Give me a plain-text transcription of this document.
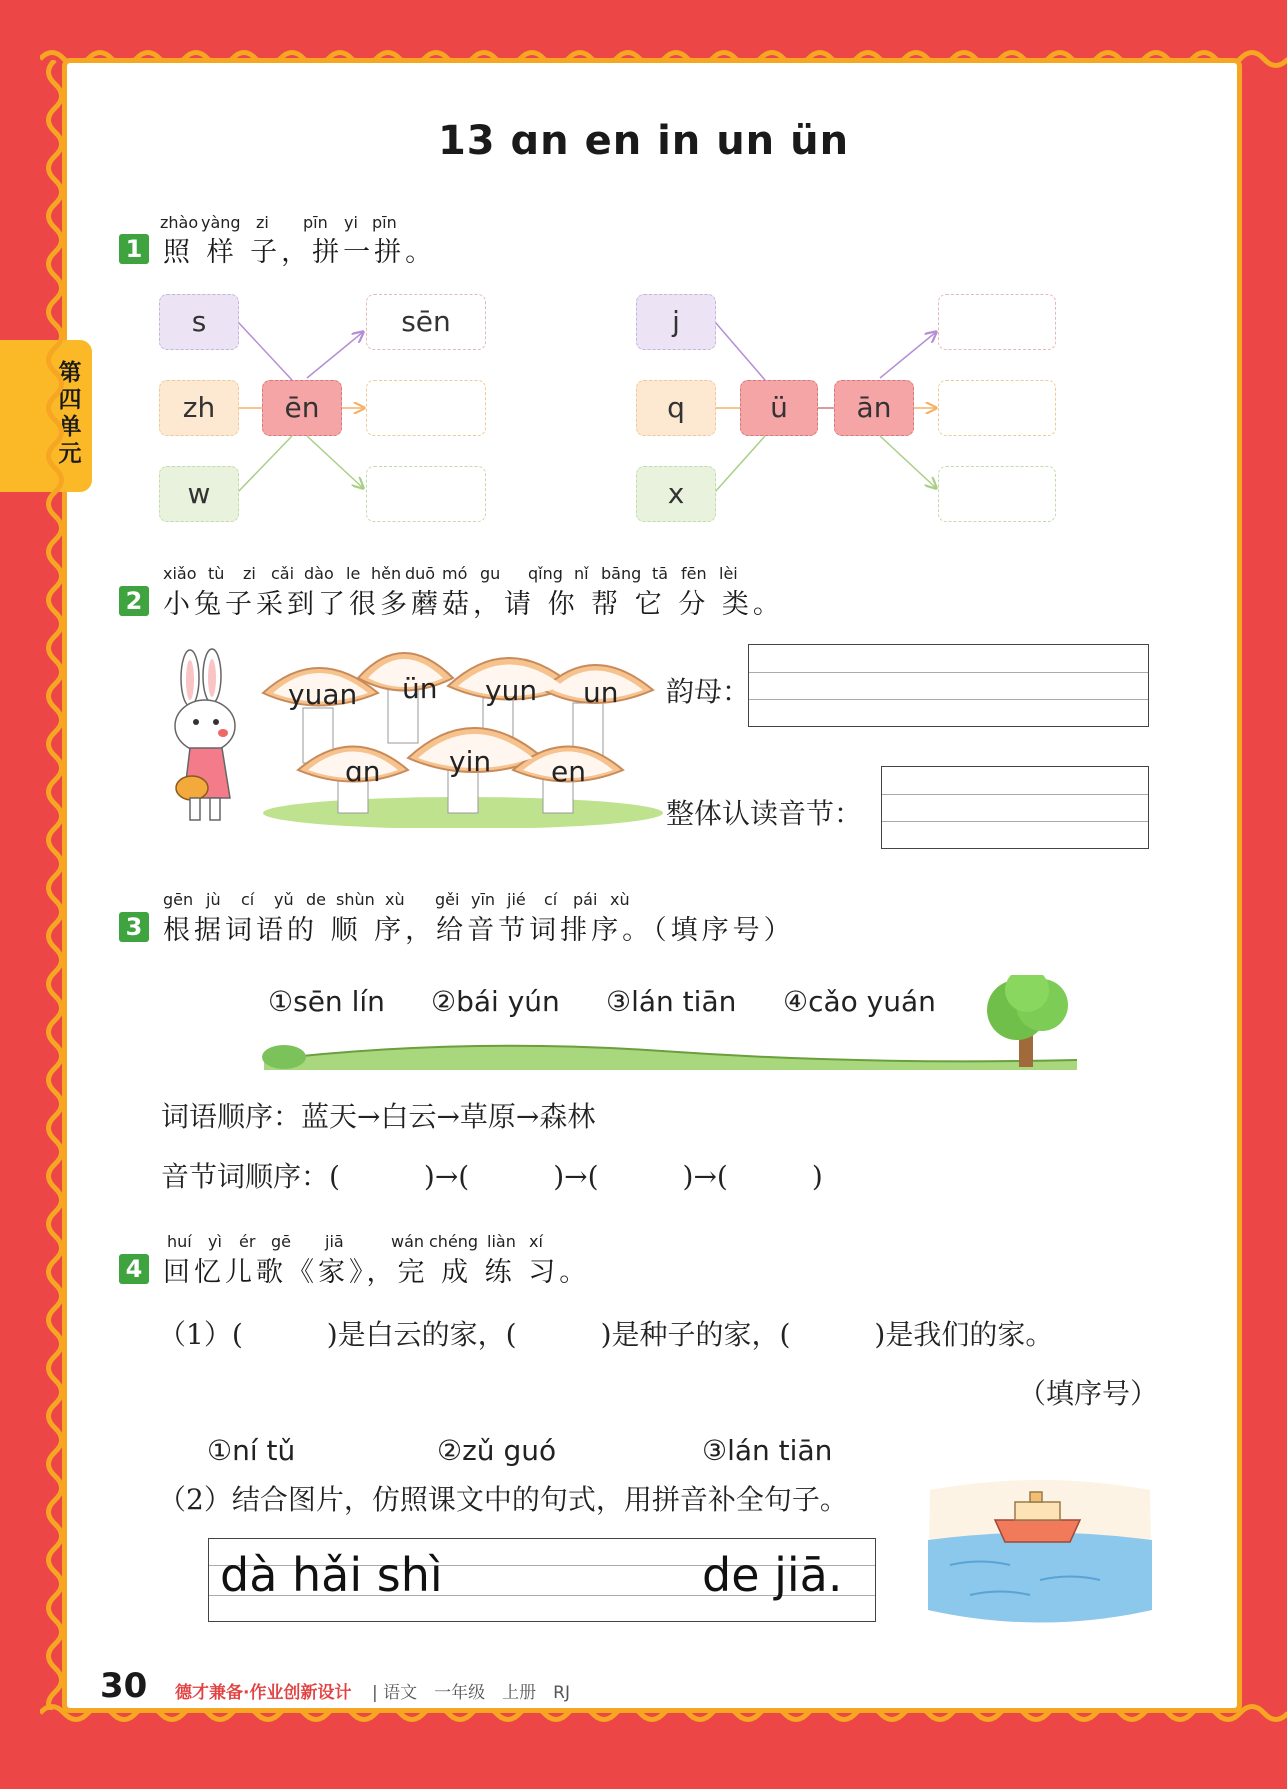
第四单元
13 ɑn en in un ün
zhào yàng zi pīn yi pīn
1 照 样 子，拼一拼。
s
zh
w
ēn
sēn	j
q
x
ü	ān
xiǎo tù zi cǎi dào le hěn duō mó gu qǐng nǐ bāng tā fēn lèi
2 小兔子采到了很多蘑菇，请 你 帮 它 分 类。
yuan ün yun un
ɑn yin en
韵母：
整体认读音节：
gēn jù cí yǔ de shùn xù gěi yīn jié cí pái xù
3 根据词语的 顺 序，给音节词排序。（填序号）
①sēn lín ②bái yún ③lán tiān ④cǎo yuán
词语顺序：蓝天→白云→草原→森林
音节词顺序：(　　　)→(　　　)→(　　　)→(　　　)
huí yì ér gē jiā	wán chéng liàn xí
4 回忆儿歌《家》，完 成 练 习。
（1）(　　　)是白云的家，(　　　)是种子的家，(　　　)是我们的家。
（填序号）
①ní tǔ	②zǔ guó	③lán tiān
（2）结合图片，仿照课文中的句式，用拼音补全句子。
dà hǎi shì	de jiā.
30 德才兼备·作业创新设计 | 语文　一年级　上册　RJ
